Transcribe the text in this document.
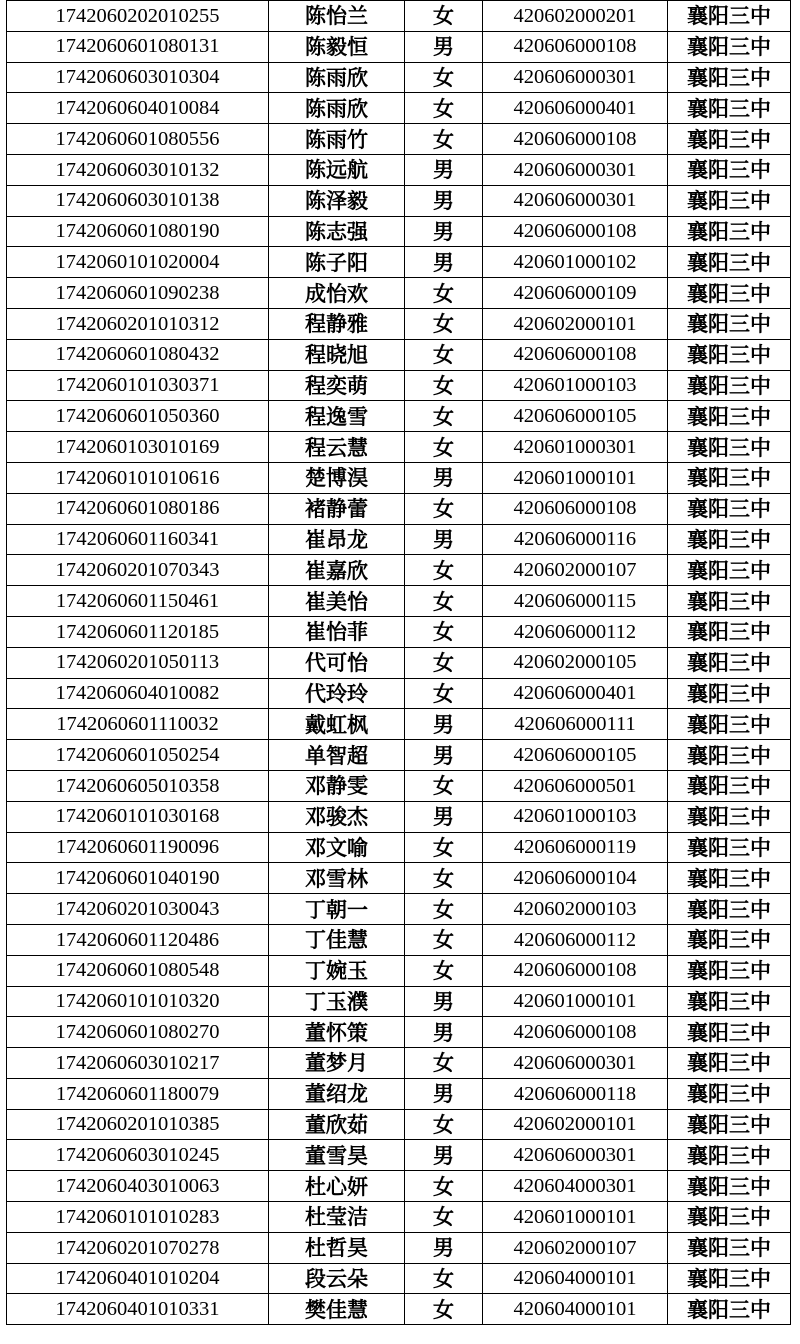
1742060202010255	陈怡兰	女	420602000201	襄阳三中
1742060601080131	陈毅恒	男	420606000108	襄阳三中
1742060603010304	陈雨欣	女	420606000301	襄阳三中
1742060604010084	陈雨欣	女	420606000401	襄阳三中
1742060601080556	陈雨竹	女	420606000108	襄阳三中
1742060603010132	陈远航	男	420606000301	襄阳三中
1742060603010138	陈泽毅	男	420606000301	襄阳三中
1742060601080190	陈志强	男	420606000108	襄阳三中
1742060101020004	陈子阳	男	420601000102	襄阳三中
1742060601090238	成怡欢	女	420606000109	襄阳三中
1742060201010312	程静雅	女	420602000101	襄阳三中
1742060601080432	程晓旭	女	420606000108	襄阳三中
1742060101030371	程奕萌	女	420601000103	襄阳三中
1742060601050360	程逸雪	女	420606000105	襄阳三中
1742060103010169	程云慧	女	420601000301	襄阳三中
1742060101010616	楚博淏	男	420601000101	襄阳三中
1742060601080186	褚静蕾	女	420606000108	襄阳三中
1742060601160341	崔昂龙	男	420606000116	襄阳三中
1742060201070343	崔嘉欣	女	420602000107	襄阳三中
1742060601150461	崔美怡	女	420606000115	襄阳三中
1742060601120185	崔怡菲	女	420606000112	襄阳三中
1742060201050113	代可怡	女	420602000105	襄阳三中
1742060604010082	代玲玲	女	420606000401	襄阳三中
1742060601110032	戴虹枫	男	420606000111	襄阳三中
1742060601050254	单智超	男	420606000105	襄阳三中
1742060605010358	邓静雯	女	420606000501	襄阳三中
1742060101030168	邓骏杰	男	420601000103	襄阳三中
1742060601190096	邓文喻	女	420606000119	襄阳三中
1742060601040190	邓雪林	女	420606000104	襄阳三中
1742060201030043	丁朝一	女	420602000103	襄阳三中
1742060601120486	丁佳慧	女	420606000112	襄阳三中
1742060601080548	丁婉玉	女	420606000108	襄阳三中
1742060101010320	丁玉濮	男	420601000101	襄阳三中
1742060601080270	董怀策	男	420606000108	襄阳三中
1742060603010217	董梦月	女	420606000301	襄阳三中
1742060601180079	董绍龙	男	420606000118	襄阳三中
1742060201010385	董欣茹	女	420602000101	襄阳三中
1742060603010245	董雪昊	男	420606000301	襄阳三中
1742060403010063	杜心妍	女	420604000301	襄阳三中
1742060101010283	杜莹洁	女	420601000101	襄阳三中
1742060201070278	杜哲昊	男	420602000107	襄阳三中
1742060401010204	段云朵	女	420604000101	襄阳三中
1742060401010331	樊佳慧	女	420604000101	襄阳三中
